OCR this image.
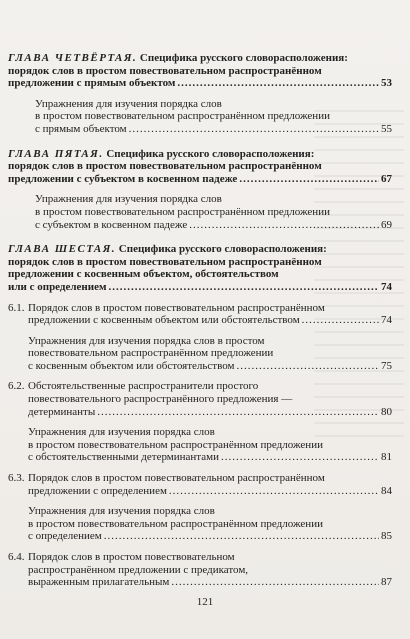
ГЛАВА ЧЕТВЁРТАЯ. Специфика русского словорасположения:
порядок слов в простом повествовательном распространённом
предложении с прямым объектом .....	53
Упражнения для изучения порядка слов
в простом повествовательном распространённом предложении
с прямым объектом .....	55
ГЛАВА ПЯТАЯ. Специфика русского словорасположения:
порядок слов в простом повествовательном распространённом
предложении с субъектом в косвенном падеже .....	67
Упражнения для изучения порядка слов
в простом повествовательном распространённом предложении
с субъектом в косвенном падеже .....	69
ГЛАВА ШЕСТАЯ. Специфика русского словорасположения:
порядок слов в простом повествовательном распространённом
предложении с косвенным объектом, обстоятельством
или с определением .....	74
6.1. Порядок слов в простом повествовательном распространённом
предложении с косвенным объектом или обстоятельством .....	74
Упражнения для изучения порядка слов в простом
повествовательном распространённом предложении
с косвенным объектом или обстоятельством .....	75
6.2. Обстоятельственные распространители простого
повествовательного распространённого предложения —
детерминанты .....	80
Упражнения для изучения порядка слов
в простом повествовательном распространённом предложении
с обстоятельственными детерминантами .....	81
6.3. Порядок слов в простом повествовательном распространённом
предложении с определением .....	84
Упражнения для изучения порядка слов
в простом повествовательном распространённом предложении
с определением .....	85
6.4. Порядок слов в простом повествовательном
распространённом предложении с предикатом,
выраженным прилагательным .....	87
121
